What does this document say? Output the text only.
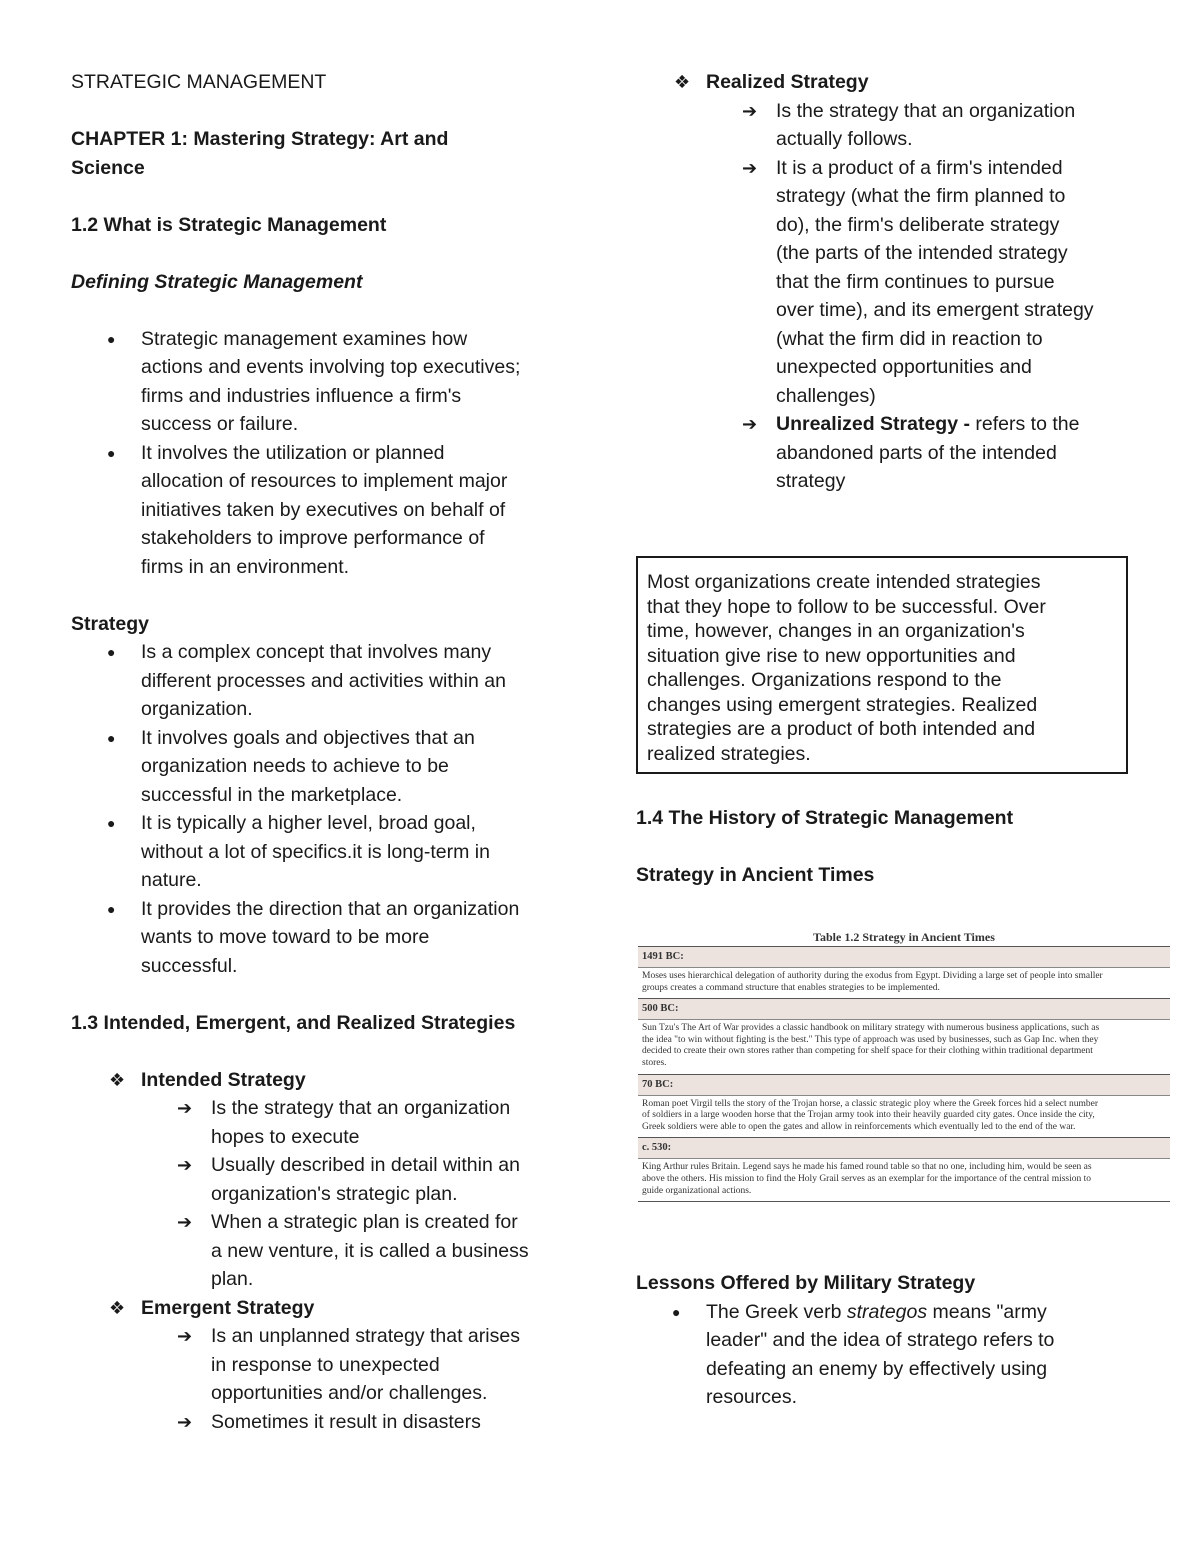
STRATEGIC MANAGEMENT
CHAPTER 1: Mastering Strategy: Art and
Science
1.2 What is Strategic Management
Defining Strategic Management
● Strategic management examines how
actions and events involving top executives;
firms and industries influence a firm's
success or failure.
● It involves the utilization or planned
allocation of resources to implement major
initiatives taken by executives on behalf of
stakeholders to improve performance of
firms in an environment.
Strategy
● Is a complex concept that involves many
different processes and activities within an
organization.
● It involves goals and objectives that an
organization needs to achieve to be
successful in the marketplace.
● It is typically a higher level, broad goal,
without a lot of specifics.it is long-term in
nature.
● It provides the direction that an organization
wants to move toward to be more
successful.
1.3 Intended, Emergent, and Realized Strategies
❖ Intended Strategy
➔ Is the strategy that an organization
hopes to execute
➔ Usually described in detail within an
organization's strategic plan.
➔ When a strategic plan is created for
a new venture, it is called a business
plan.
❖ Emergent Strategy
➔ Is an unplanned strategy that arises
in response to unexpected
opportunities and/or challenges.
➔ Sometimes it result in disasters
❖ Realized Strategy
➔ Is the strategy that an organization
actually follows.
➔ It is a product of a firm's intended
strategy (what the firm planned to
do), the firm's deliberate strategy
(the parts of the intended strategy
that the firm continues to pursue
over time), and its emergent strategy
(what the firm did in reaction to
unexpected opportunities and
challenges)
➔ Unrealized Strategy - refers to the
abandoned parts of the intended
strategy
Most organizations create intended strategies
that they hope to follow to be successful. Over
time, however, changes in an organization's
situation give rise to new opportunities and
challenges. Organizations respond to the
changes using emergent strategies. Realized
strategies are a product of both intended and
realized strategies.
1.4 The History of Strategic Management
Strategy in Ancient Times
Table 1.2 Strategy in Ancient Times
1491 BC:
Moses uses hierarchical delegation of authority during the exodus from Egypt. Dividing a large set of people into smaller
groups creates a command structure that enables strategies to be implemented.
500 BC:
Sun Tzu's The Art of War provides a classic handbook on military strategy with numerous business applications, such as
the idea "to win without fighting is the best." This type of approach was used by businesses, such as Gap Inc. when they
decided to create their own stores rather than competing for shelf space for their clothing within traditional department
stores.
70 BC:
Roman poet Virgil tells the story of the Trojan horse, a classic strategic ploy where the Greek forces hid a select number
of soldiers in a large wooden horse that the Trojan army took into their heavily guarded city gates. Once inside the city,
Greek soldiers were able to open the gates and allow in reinforcements which eventually led to the end of the war.
c. 530:
King Arthur rules Britain. Legend says he made his famed round table so that no one, including him, would be seen as
above the others. His mission to find the Holy Grail serves as an exemplar for the importance of the central mission to
guide organizational actions.
Lessons Offered by Military Strategy
● The Greek verb strategos means "army
leader" and the idea of stratego refers to
defeating an enemy by effectively using
resources.
